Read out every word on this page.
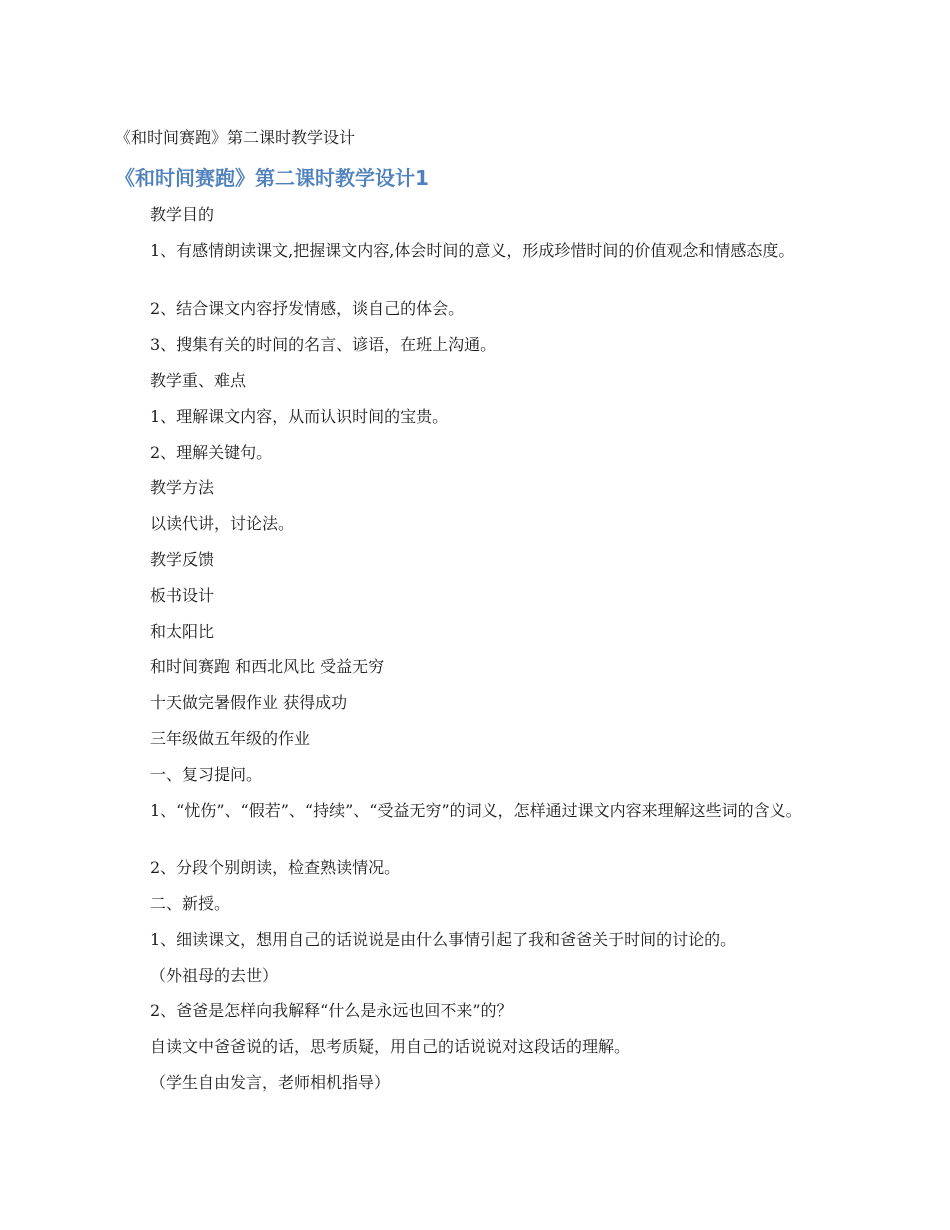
《和时间赛跑》第二课时教学设计
《和时间赛跑》第二课时教学设计1
教学目的
1、有感情朗读课文,把握课文内容,体会时间的意义，形成珍惜时间的价值观念和情感态度。
2、结合课文内容抒发情感，谈自己的体会。
3、搜集有关的时间的名言、谚语，在班上沟通。
教学重、难点
1、理解课文内容，从而认识时间的宝贵。
2、理解关键句。
教学方法
以读代讲，讨论法。
教学反馈
板书设计
和太阳比
和时间赛跑 和西北风比 受益无穷
十天做完暑假作业 获得成功
三年级做五年级的作业
一、复习提问。
1、“忧伤”、“假若”、“持续”、“受益无穷”的词义，怎样通过课文内容来理解这些词的含义。
2、分段个别朗读，检查熟读情况。
二、新授。
1、细读课文，想用自己的话说说是由什么事情引起了我和爸爸关于时间的讨论的。
（外祖母的去世）
2、爸爸是怎样向我解释“什么是永远也回不来”的？
自读文中爸爸说的话，思考质疑，用自己的话说说对这段话的理解。
（学生自由发言，老师相机指导）
